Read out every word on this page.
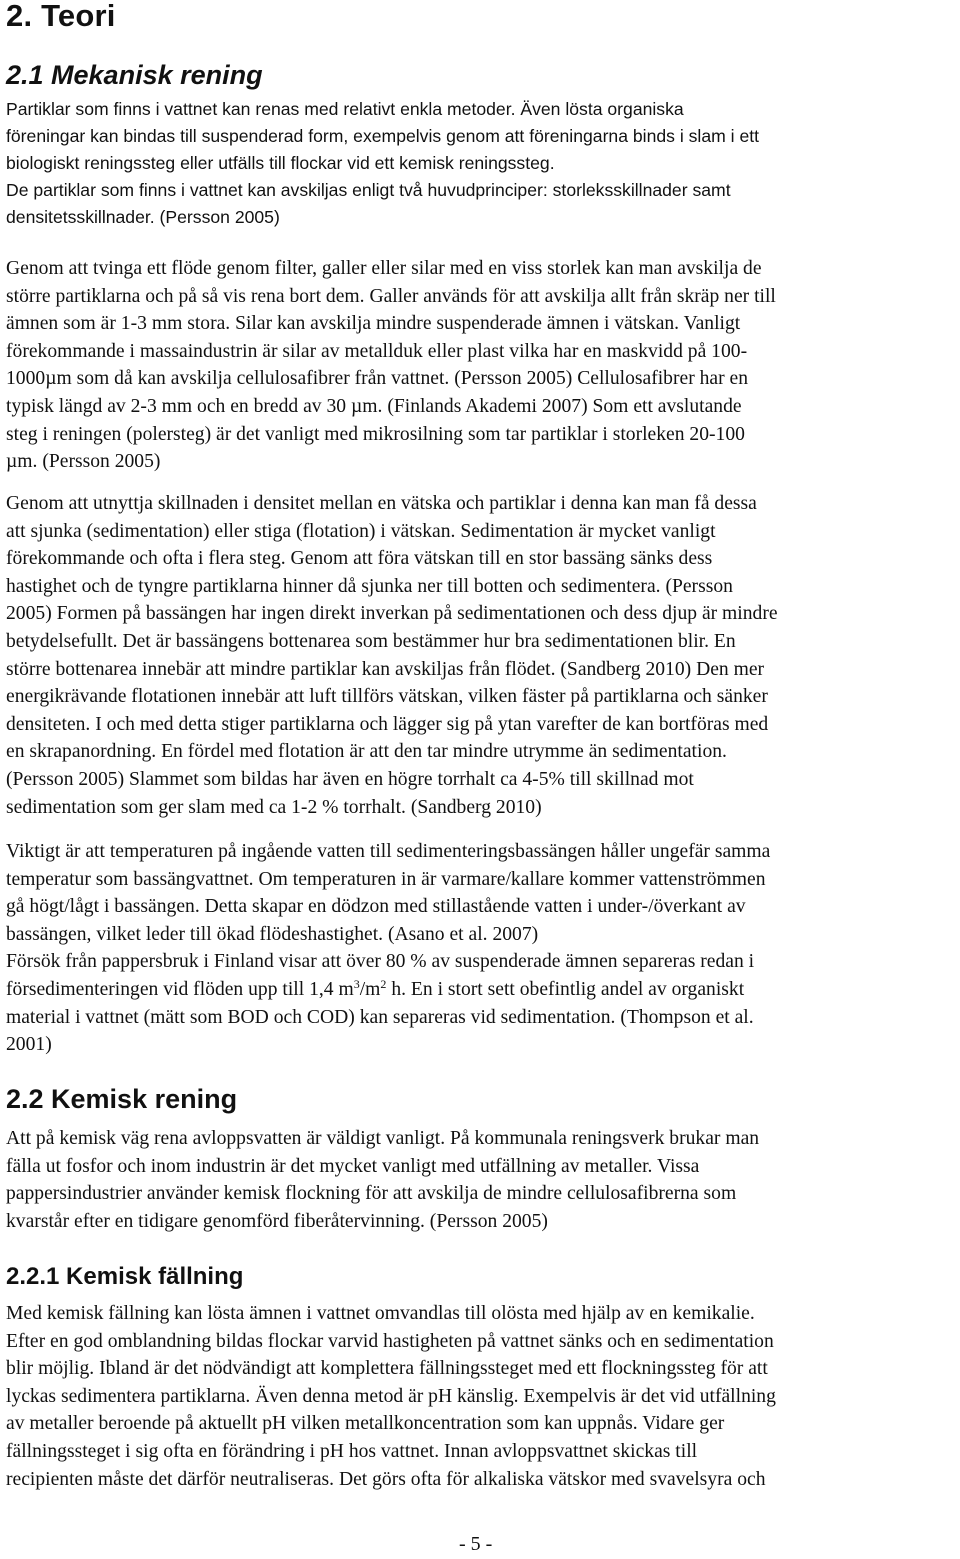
2. Teori
2.1 Mekanisk rening
Partiklar som finns i vattnet kan renas med relativt enkla metoder. Även lösta organiska
föreningar kan bindas till suspenderad form, exempelvis genom att föreningarna binds i slam i ett
biologiskt reningssteg eller utfälls till flockar vid ett kemisk reningssteg.
De partiklar som finns i vattnet kan avskiljas enligt två huvudprinciper: storleksskillnader samt
densitetsskillnader. (Persson 2005)
Genom att tvinga ett flöde genom filter, galler eller silar med en viss storlek kan man avskilja de
större partiklarna och på så vis rena bort dem. Galler används för att avskilja allt från skräp ner till
ämnen som är 1-3 mm stora. Silar kan avskilja mindre suspenderade ämnen i vätskan. Vanligt
förekommande i massaindustrin är silar av metallduk eller plast vilka har en maskvidd på 100-
1000µm som då kan avskilja cellulosafibrer från vattnet. (Persson 2005) Cellulosafibrer har en
typisk längd av 2-3 mm och en bredd av 30 µm. (Finlands Akademi 2007) Som ett avslutande
steg i reningen (polersteg) är det vanligt med mikrosilning som tar partiklar i storleken 20-100
µm. (Persson 2005)
Genom att utnyttja skillnaden i densitet mellan en vätska och partiklar i denna kan man få dessa
att sjunka (sedimentation) eller stiga (flotation) i vätskan. Sedimentation är mycket vanligt
förekommande och ofta i flera steg. Genom att föra vätskan till en stor bassäng sänks dess
hastighet och de tyngre partiklarna hinner då sjunka ner till botten och sedimentera. (Persson
2005) Formen på bassängen har ingen direkt inverkan på sedimentationen och dess djup är mindre
betydelsefullt. Det är bassängens bottenarea som bestämmer hur bra sedimentationen blir. En
större bottenarea innebär att mindre partiklar kan avskiljas från flödet. (Sandberg 2010) Den mer
energikrävande flotationen innebär att luft tillförs vätskan, vilken fäster på partiklarna och sänker
densiteten. I och med detta stiger partiklarna och lägger sig på ytan varefter de kan bortföras med
en skrapanordning. En fördel med flotation är att den tar mindre utrymme än sedimentation.
(Persson 2005) Slammet som bildas har även en högre torrhalt ca 4-5% till skillnad mot
sedimentation som ger slam med ca 1-2 % torrhalt. (Sandberg 2010)
Viktigt är att temperaturen på ingående vatten till sedimenteringsbassängen håller ungefär samma
temperatur som bassängvattnet. Om temperaturen in är varmare/kallare kommer vattenströmmen
gå högt/lågt i bassängen. Detta skapar en dödzon med stillastående vatten i under-/överkant av
bassängen, vilket leder till ökad flödeshastighet. (Asano et al. 2007)
Försök från pappersbruk i Finland visar att över 80 % av suspenderade ämnen separeras redan i
försedimenteringen vid flöden upp till 1,4 $m^3/m^2$ h. En i stort sett obefintlig andel av organiskt
material i vattnet (mätt som BOD och COD) kan separeras vid sedimentation. (Thompson et al.
2001)
2.2 Kemisk rening
Att på kemisk väg rena avloppsvatten är väldigt vanligt. På kommunala reningsverk brukar man
fälla ut fosfor och inom industrin är det mycket vanligt med utfällning av metaller. Vissa
pappersindustrier använder kemisk flockning för att avskilja de mindre cellulosafibrerna som
kvarstår efter en tidigare genomförd fiberåtervinning. (Persson 2005)
2.2.1 Kemisk fällning
Med kemisk fällning kan lösta ämnen i vattnet omvandlas till olösta med hjälp av en kemikalie.
Efter en god omblandning bildas flockar varvid hastigheten på vattnet sänks och en sedimentation
blir möjlig. Ibland är det nödvändigt att komplettera fällningssteget med ett flockningssteg för att
lyckas sedimentera partiklarna. Även denna metod är pH känslig. Exempelvis är det vid utfällning
av metaller beroende på aktuellt pH vilken metallkoncentration som kan uppnås. Vidare ger
fällningssteget i sig ofta en förändring i pH hos vattnet. Innan avloppsvattnet skickas till
recipienten måste det därför neutraliseras. Det görs ofta för alkaliska vätskor med svavelsyra och
- 5 -
